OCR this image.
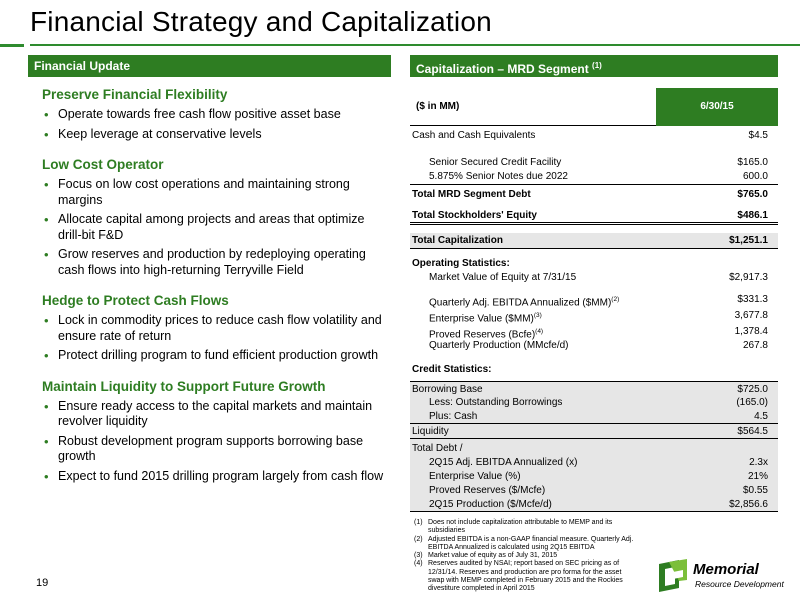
Financial Strategy and Capitalization
Financial Update	Capitalization – MRD Segment $^{(1)}$
Preserve Financial Flexibility
• Operate towards free cash flow positive asset base
• Keep leverage at conservative levels
Low Cost Operator
• Focus on low cost operations and maintaining strong margins
• Allocate capital among projects and areas that optimize drill-bit F&D
• Grow reserves and production by redeploying operating cash flows into high-returning Terryville Field
Hedge to Protect Cash Flows
• Lock in commodity prices to reduce cash flow volatility and ensure rate of return
• Protect drilling program to fund efficient production growth
Maintain Liquidity to Support Future Growth
• Ensure ready access to the capital markets and maintain revolver liquidity
• Robust development program supports borrowing base growth
• Expect to fund 2015 drilling program largely from cash flow
19
($ in MM)	6/30/15
Cash and Cash Equivalents	$4.5
Senior Secured Credit Facility	$165.0
5.875% Senior Notes due 2022	600.0
Total MRD Segment Debt	$765.0
Total Stockholders' Equity	$486.1
Total Capitalization	$1,251.1
Operating Statistics:
Market Value of Equity at 7/31/15	$2,917.3
Quarterly Adj. EBITDA Annualized ($MM)$^{(2)}$	$331.3
Enterprise Value ($MM)$^{(3)}$	3,677.8
Proved Reserves (Bcfe)$^{(4)}$	1,378.4
Quarterly Production (MMcfe/d)	267.8
Credit Statistics:
Borrowing Base	$725.0
Less: Outstanding Borrowings	(165.0)
Plus: Cash	4.5
Liquidity	$564.5
Total Debt /
2Q15 Adj. EBITDA Annualized (x)	2.3x
Enterprise Value (%)	21%
Proved Reserves ($/Mcfe)	$0.55
2Q15 Production ($/Mcfe/d)	$2,856.6
(1) Does not include capitalization attributable to MEMP and its subsidiaries
(2) Adjusted EBITDA is a non-GAAP financial measure. Quarterly Adj. EBITDA Annualized is calculated using 2Q15 EBITDA
(3) Market value of equity as of July 31, 2015
(4) Reserves audited by NSAI; report based on SEC pricing as of 12/31/14. Reserves and production are pro forma for the asset swap with MEMP completed in February 2015 and the Rockies divestiture completed in April 2015
Memorial
Resource Development
